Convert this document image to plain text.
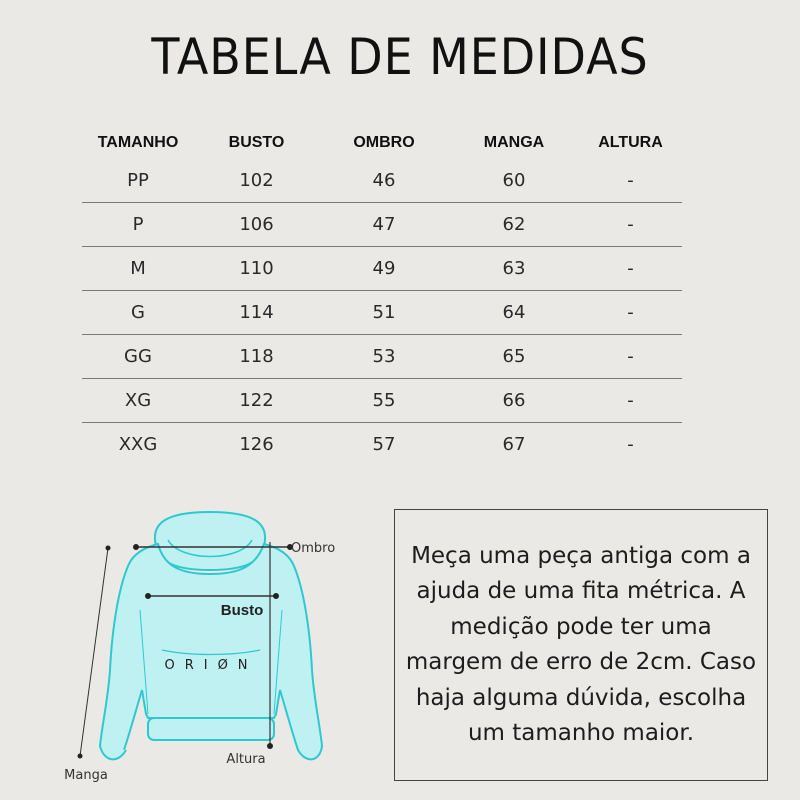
TABELA DE MEDIDAS
TAMANHO	BUSTO	OMBRO	MANGA	ALTURA
PP	102	46	60	-
P	106	47	62	-
M	110	49	63	-
G	114	51	64	-
GG	118	53	65	-
XG	122	55	66	-
XXG	126	57	67	-
ORIØN
Ombro
Busto
Altura
Manga

Meça uma peça antiga com a ajuda de uma fita métrica. A medição pode ter uma margem de erro de 2cm. Caso haja alguma dúvida, escolha um tamanho maior.
